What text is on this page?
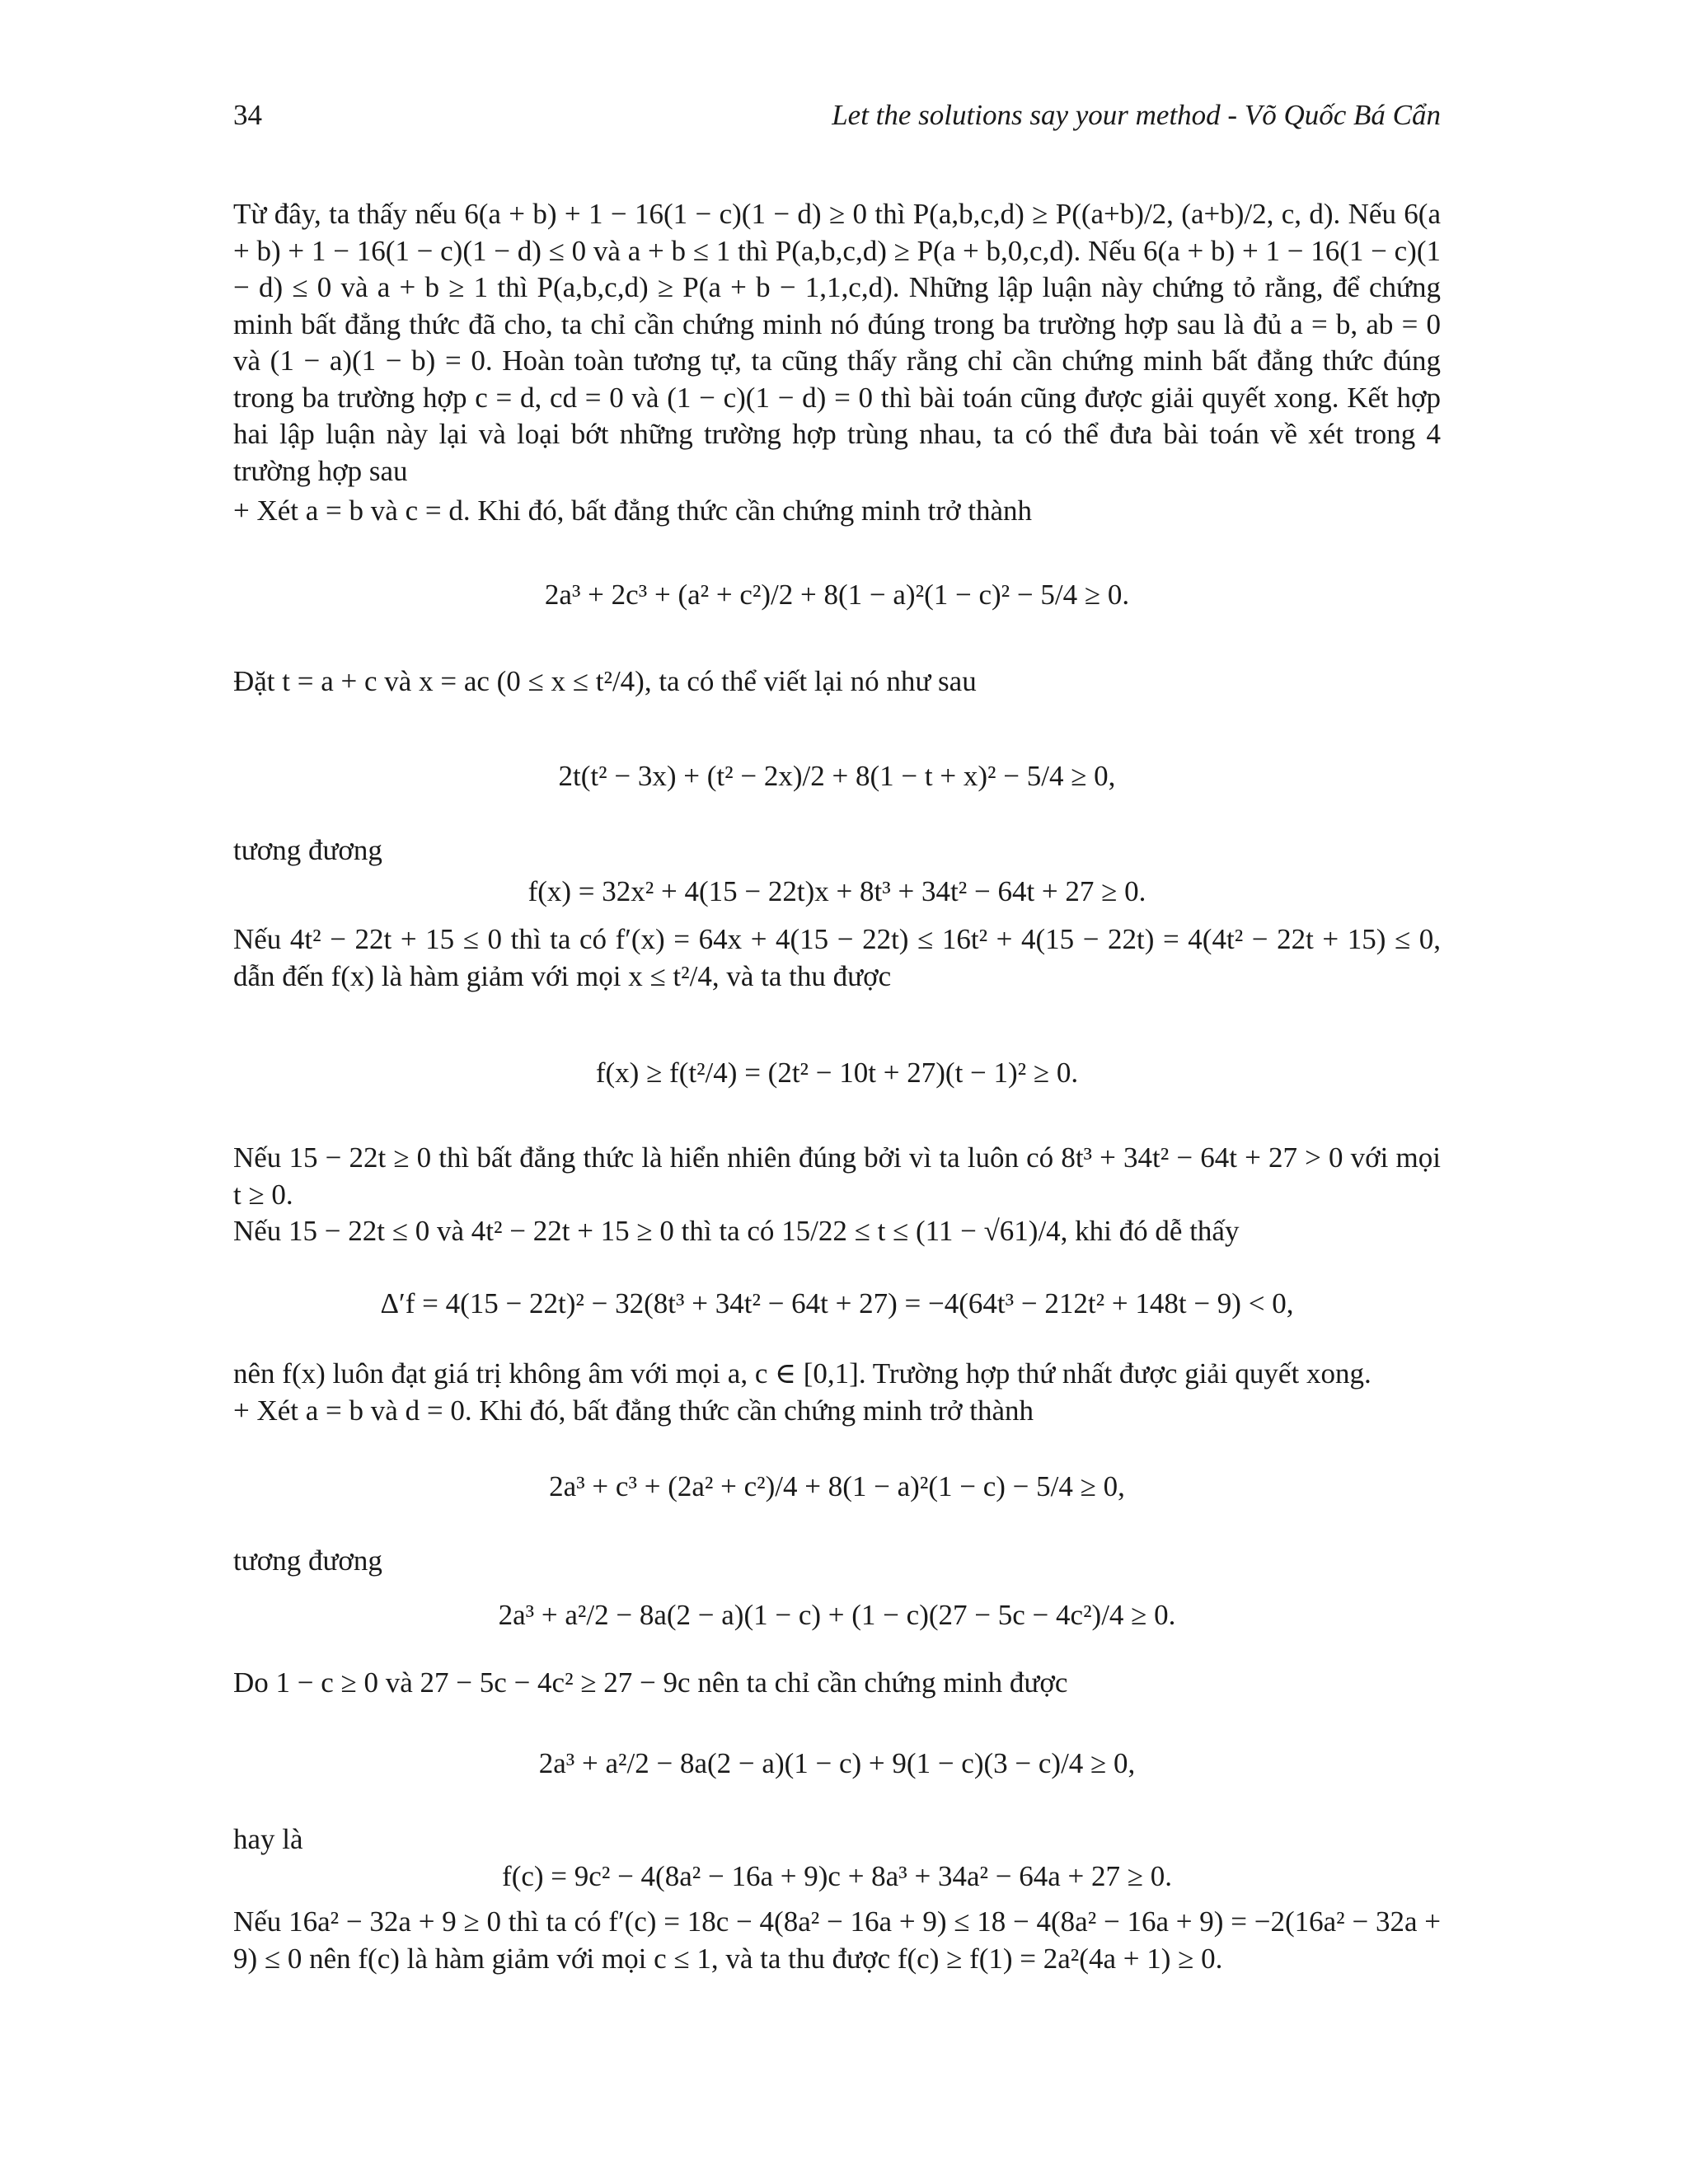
34	Let the solutions say your method - Võ Quốc Bá Cẩn

Từ đây, ta thấy nếu 6(a + b) + 1 − 16(1 − c)(1 − d) ≥ 0 thì P(a,b,c,d) ≥ P((a+b)/2, (a+b)/2, c, d). Nếu 6(a + b) + 1 − 16(1 − c)(1 − d) ≤ 0 và a + b ≤ 1 thì P(a,b,c,d) ≥ P(a + b,0,c,d). Nếu 6(a + b) + 1 − 16(1 − c)(1 − d) ≤ 0 và a + b ≥ 1 thì P(a,b,c,d) ≥ P(a + b − 1,1,c,d). Những lập luận này chứng tỏ rằng, để chứng minh bất đẳng thức đã cho, ta chỉ cần chứng minh nó đúng trong ba trường hợp sau là đủ a = b, ab = 0 và (1 − a)(1 − b) = 0. Hoàn toàn tương tự, ta cũng thấy rằng chỉ cần chứng minh bất đẳng thức đúng trong ba trường hợp c = d, cd = 0 và (1 − c)(1 − d) = 0 thì bài toán cũng được giải quyết xong. Kết hợp hai lập luận này lại và loại bớt những trường hợp trùng nhau, ta có thể đưa bài toán về xét trong 4 trường hợp sau

+ Xét a = b và c = d. Khi đó, bất đẳng thức cần chứng minh trở thành
2a³ + 2c³ + (a² + c²)/2 + 8(1 − a)²(1 − c)² − 5/4 ≥ 0.
Đặt t = a + c và x = ac (0 ≤ x ≤ t²/4), ta có thể viết lại nó như sau
2t(t² − 3x) + (t² − 2x)/2 + 8(1 − t + x)² − 5/4 ≥ 0,
tương đương
f(x) = 32x² + 4(15 − 22t)x + 8t³ + 34t² − 64t + 27 ≥ 0.

Nếu 4t² − 22t + 15 ≤ 0 thì ta có f′(x) = 64x + 4(15 − 22t) ≤ 16t² + 4(15 − 22t) = 4(4t² − 22t + 15) ≤ 0, dẫn đến f(x) là hàm giảm với mọi x ≤ t²/4, và ta thu được

f(x) ≥ f(t²/4) = (2t² − 10t + 27)(t − 1)² ≥ 0.

Nếu 15 − 22t ≥ 0 thì bất đẳng thức là hiển nhiên đúng bởi vì ta luôn có 8t³ + 34t² − 64t + 27 > 0 với mọi t ≥ 0.

Nếu 15 − 22t ≤ 0 và 4t² − 22t + 15 ≥ 0 thì ta có 15/22 ≤ t ≤ (11 − √61)/4, khi đó dễ thấy
Δ′f = 4(15 − 22t)² − 32(8t³ + 34t² − 64t + 27) = −4(64t³ − 212t² + 148t − 9) < 0,
nên f(x) luôn đạt giá trị không âm với mọi a, c ∈ [0,1]. Trường hợp thứ nhất được giải quyết xong.
+ Xét a = b và d = 0. Khi đó, bất đẳng thức cần chứng minh trở thành
2a³ + c³ + (2a² + c²)/4 + 8(1 − a)²(1 − c) − 5/4 ≥ 0,
tương đương
2a³ + a²/2 − 8a(2 − a)(1 − c) + (1 − c)(27 − 5c − 4c²)/4 ≥ 0.
Do 1 − c ≥ 0 và 27 − 5c − 4c² ≥ 27 − 9c nên ta chỉ cần chứng minh được
2a³ + a²/2 − 8a(2 − a)(1 − c) + 9(1 − c)(3 − c)/4 ≥ 0,
hay là
f(c) = 9c² − 4(8a² − 16a + 9)c + 8a³ + 34a² − 64a + 27 ≥ 0.

Nếu 16a² − 32a + 9 ≥ 0 thì ta có f′(c) = 18c − 4(8a² − 16a + 9) ≤ 18 − 4(8a² − 16a + 9) = −2(16a² − 32a + 9) ≤ 0 nên f(c) là hàm giảm với mọi c ≤ 1, và ta thu được f(c) ≥ f(1) = 2a²(4a + 1) ≥ 0.
